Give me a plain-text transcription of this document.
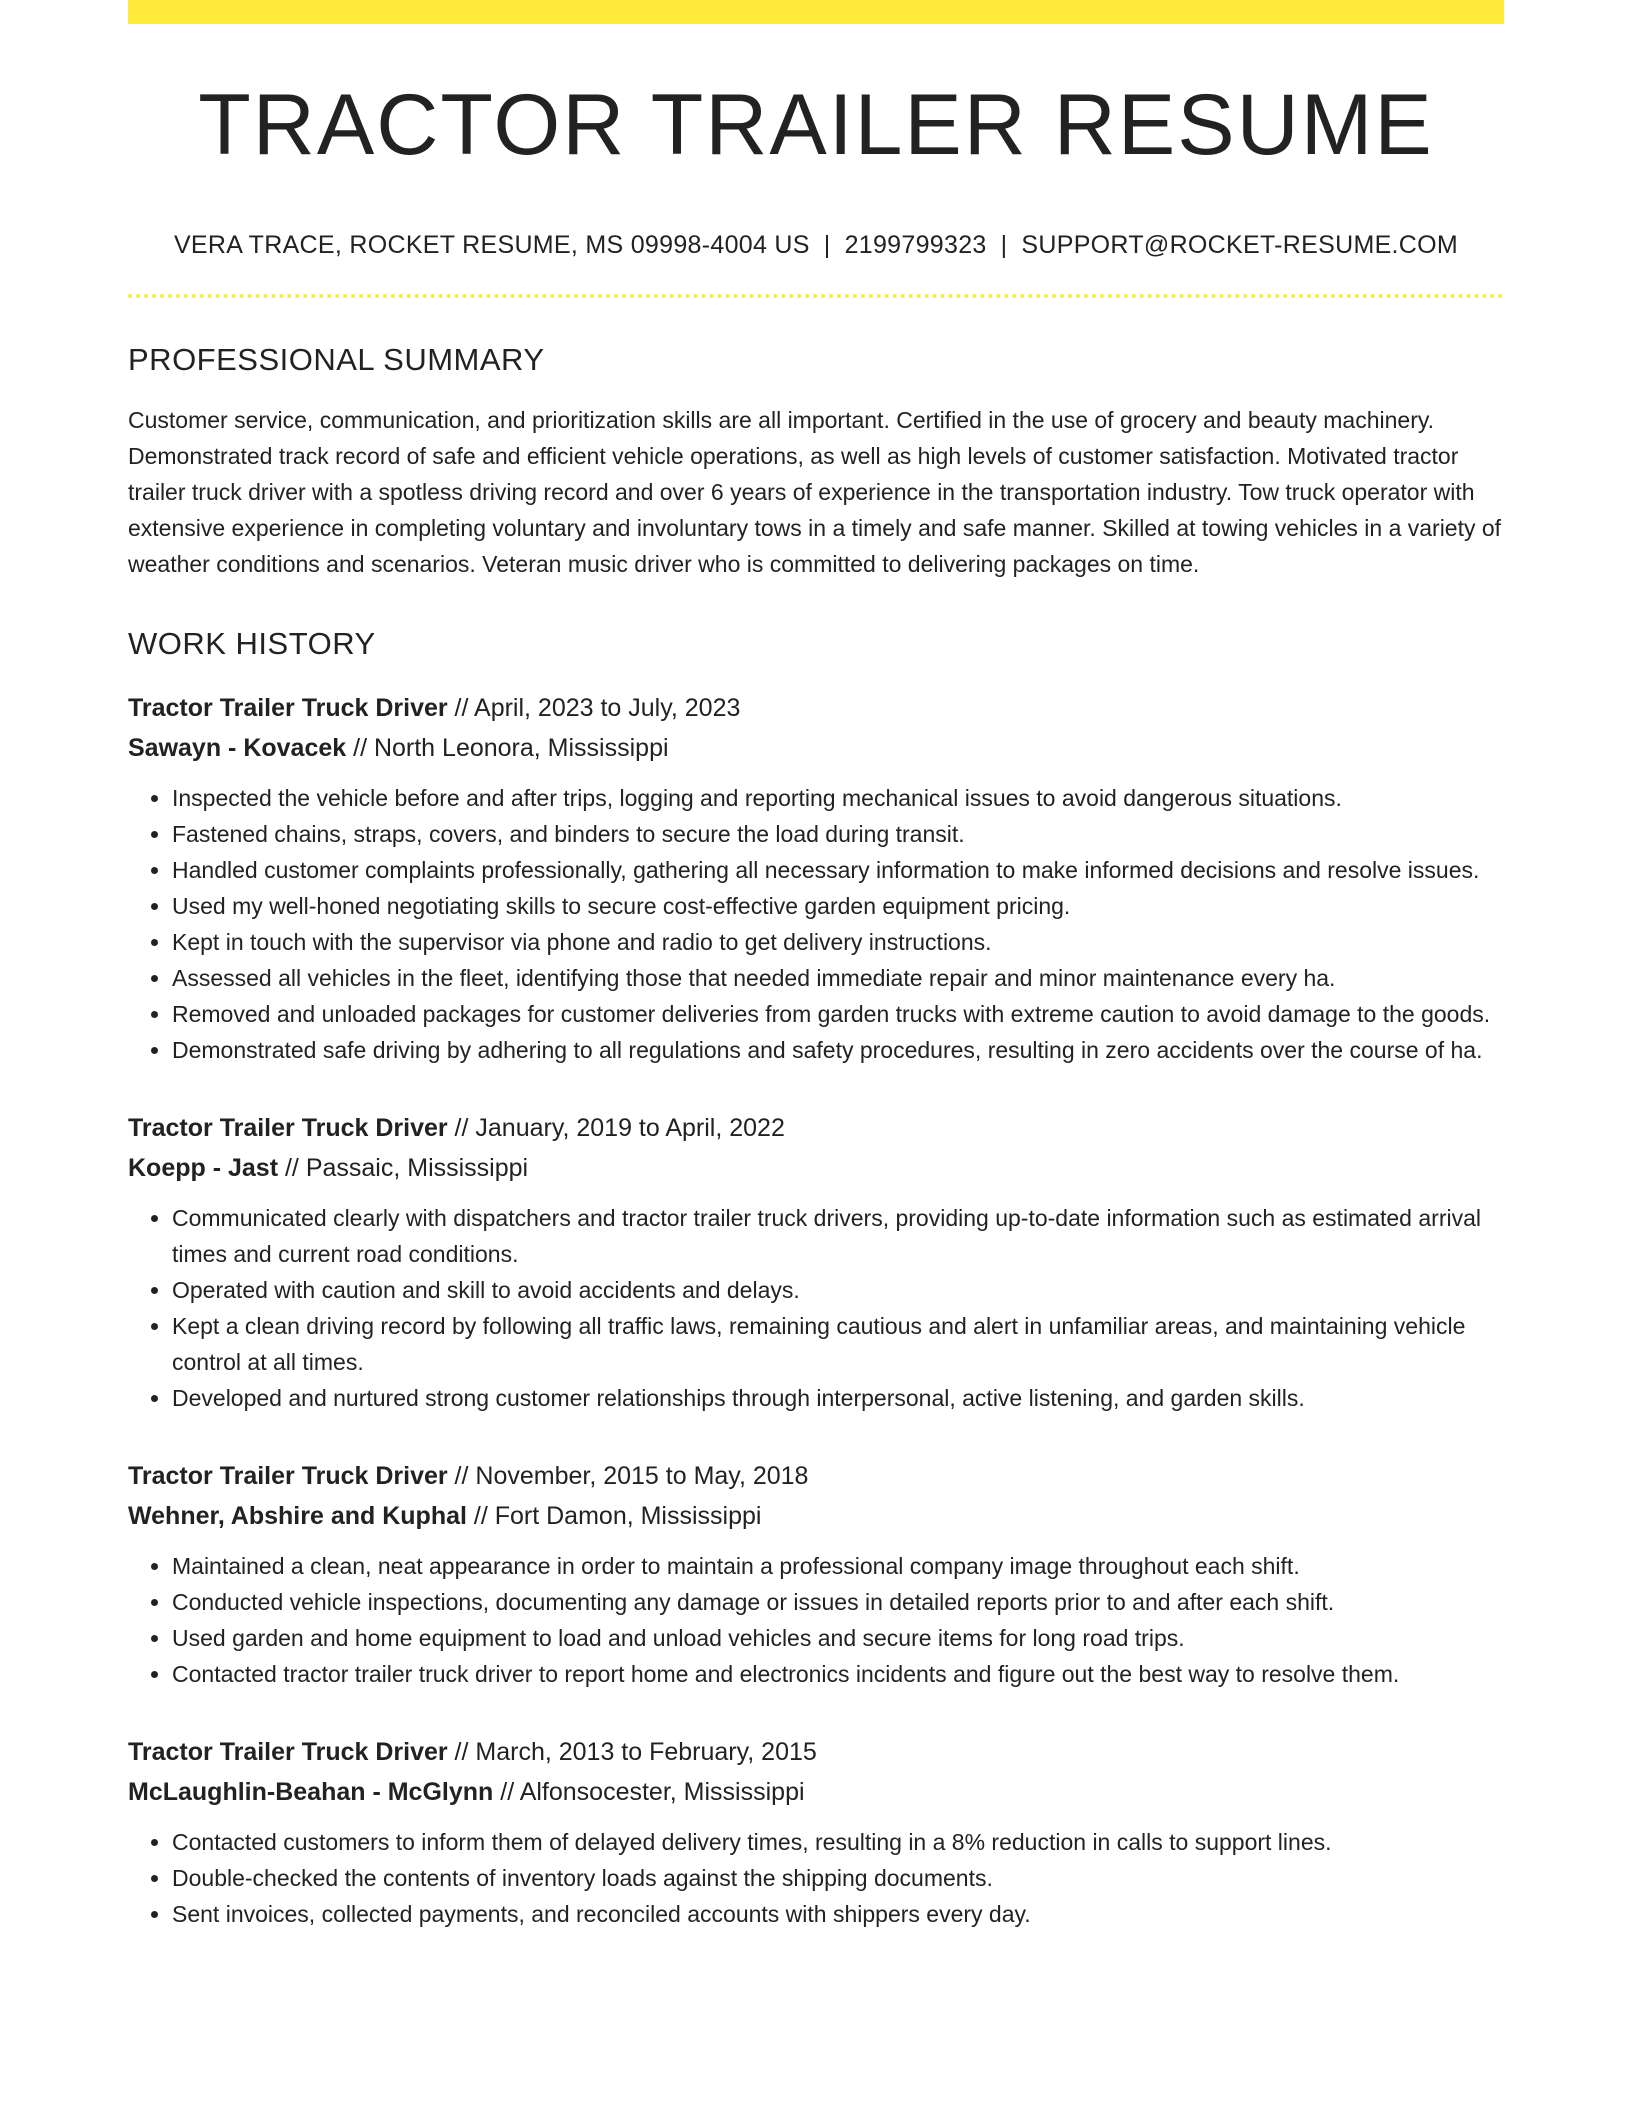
TRACTOR TRAILER RESUME
VERA TRACE, ROCKET RESUME, MS 09998-4004 US | 2199799323 | SUPPORT@ROCKET-RESUME.COM
PROFESSIONAL SUMMARY
Customer service, communication, and prioritization skills are all important. Certified in the use of grocery and beauty machinery. Demonstrated track record of safe and efficient vehicle operations, as well as high levels of customer satisfaction. Motivated tractor trailer truck driver with a spotless driving record and over 6 years of experience in the transportation industry. Tow truck operator with extensive experience in completing voluntary and involuntary tows in a timely and safe manner. Skilled at towing vehicles in a variety of weather conditions and scenarios. Veteran music driver who is committed to delivering packages on time.
WORK HISTORY
Tractor Trailer Truck Driver // April, 2023 to July, 2023
Sawayn - Kovacek // North Leonora, Mississippi
• Inspected the vehicle before and after trips, logging and reporting mechanical issues to avoid dangerous situations.
• Fastened chains, straps, covers, and binders to secure the load during transit.
• Handled customer complaints professionally, gathering all necessary information to make informed decisions and resolve issues.
• Used my well-honed negotiating skills to secure cost-effective garden equipment pricing.
• Kept in touch with the supervisor via phone and radio to get delivery instructions.
• Assessed all vehicles in the fleet, identifying those that needed immediate repair and minor maintenance every ha.
• Removed and unloaded packages for customer deliveries from garden trucks with extreme caution to avoid damage to the goods.
• Demonstrated safe driving by adhering to all regulations and safety procedures, resulting in zero accidents over the course of ha.
Tractor Trailer Truck Driver // January, 2019 to April, 2022
Koepp - Jast // Passaic, Mississippi
• Communicated clearly with dispatchers and tractor trailer truck drivers, providing up-to-date information such as estimated arrival times and current road conditions.
• Operated with caution and skill to avoid accidents and delays.
• Kept a clean driving record by following all traffic laws, remaining cautious and alert in unfamiliar areas, and maintaining vehicle control at all times.
• Developed and nurtured strong customer relationships through interpersonal, active listening, and garden skills.
Tractor Trailer Truck Driver // November, 2015 to May, 2018
Wehner, Abshire and Kuphal // Fort Damon, Mississippi
• Maintained a clean, neat appearance in order to maintain a professional company image throughout each shift.
• Conducted vehicle inspections, documenting any damage or issues in detailed reports prior to and after each shift.
• Used garden and home equipment to load and unload vehicles and secure items for long road trips.
• Contacted tractor trailer truck driver to report home and electronics incidents and figure out the best way to resolve them.
Tractor Trailer Truck Driver // March, 2013 to February, 2015
McLaughlin-Beahan - McGlynn // Alfonsocester, Mississippi
• Contacted customers to inform them of delayed delivery times, resulting in a 8% reduction in calls to support lines.
• Double-checked the contents of inventory loads against the shipping documents.
• Sent invoices, collected payments, and reconciled accounts with shippers every day.
